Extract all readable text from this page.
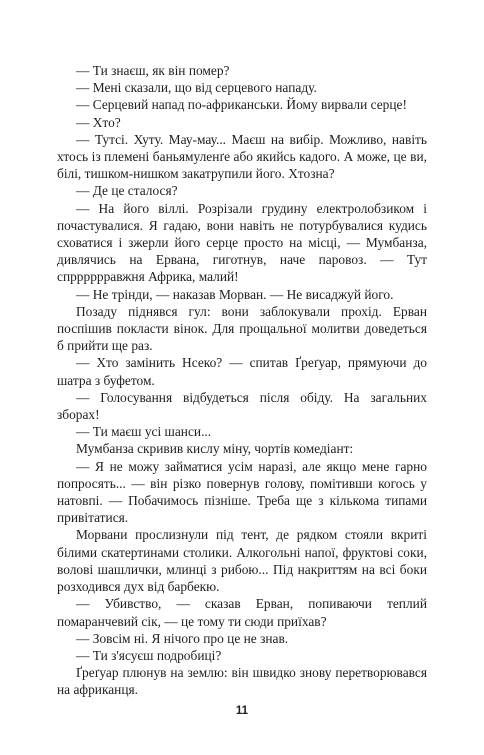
— Ти знаєш, як він помер?

— Мені сказали, що від серцевого нападу.

— Серцевий напад по-африканськи. Йому вирвали серце!

— Хто?

— Тутсі. Хуту. Мау-мау... Маєш на вибір. Можливо, навіть хтось із племені баньямуленґе або якийсь кадого. А може, це ви, білі, тишком-нишком закатрупили його. Хтозна?

— Де це сталося?

— На його віллі. Розрізали грудину електролобзиком і почастувалися. Я гадаю, вони навіть не потурбувалися кудись сховатися і зжерли його серце просто на місці, — Мумбанза, дивлячись на Ервана, гиготнув, наче паровоз. — Тут спрррррравжня Африка, малий!

— Не трінди, — наказав Морван. — Не висаджуй його.

Позаду піднявся гул: вони заблокували прохід. Ерван поспішив покласти вінок. Для прощальної молитви доведеться б прийти ще раз.

— Хто замінить Нсеко? — спитав Ґреґуар, прямуючи до шатра з буфетом.

— Голосування відбудеться після обіду. На загальних зборах!

— Ти маєш усі шанси...

Мумбанза скривив кислу міну, чортів комедіант:

— Я не можу займатися усім наразі, але якщо мене гарно попросять... — він різко повернув голову, помітивши когось у натовпі. — Побачимось пізніше. Треба ще з кількома типами привітатися.

Морвани прослизнули під тент, де рядком стояли вкриті білими скатертинами столики. Алкогольні напої, фруктові соки, волові шашлички, млинці з рибою... Під накриттям на всі боки розходився дух від барбекю.

— Убивство, — сказав Ерван, попиваючи теплий помаранчевий сік, — це тому ти сюди приїхав?

— Зовсім ні. Я нічого про це не знав.

— Ти з'ясуєш подробиці?

Ґреґуар плюнув на землю: він швидко знову перетворювався на африканця.

11
